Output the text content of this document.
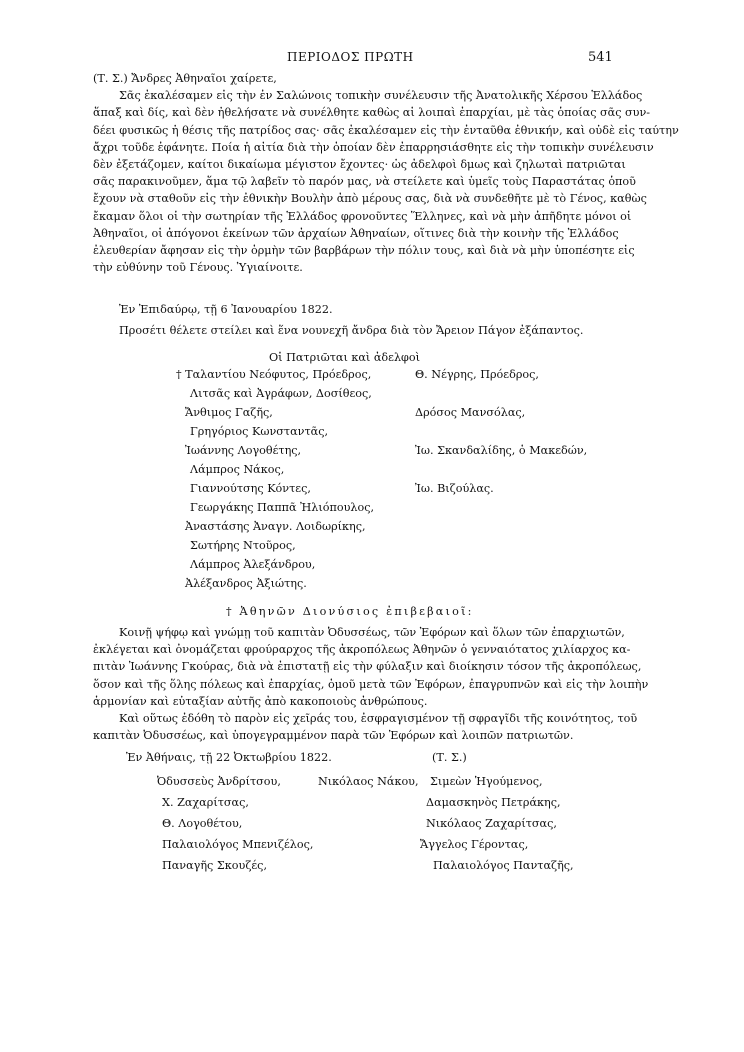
ΠΕΡΙΟΔΟΣ ΠΡΩΤΗ	541
(Τ. Σ.) Ἄνδρες Ἀθηναῖοι χαίρετε,
Σᾶς ἐκαλέσαμεν εἰς τὴν ἐν Σαλώνοις τοπικὴν συνέλευσιν τῆς Ἀνατολικῆς Χέρσου Ἑλλάδος
ἅπαξ καὶ δίς, καὶ δὲν ἠθελήσατε νὰ συνέλθητε καθὼς αἱ λοιπαὶ ἐπαρχίαι, μὲ τὰς ὁποίας σᾶς συν-
δέει φυσικῶς ἡ θέσις τῆς πατρίδος σας· σᾶς ἐκαλέσαμεν εἰς τὴν ἐνταῦθα ἐθνικήν, καὶ οὐδὲ εἰς ταύτην
ἄχρι τοῦδε ἐφάνητε. Ποία ἡ αἰτία διὰ τὴν ὁποίαν δὲν ἐπαρρησιάσθητε εἰς τὴν τοπικὴν συνέλευσιν
δὲν ἐξετάζομεν, καίτοι δικαίωμα μέγιστον ἔχοντες· ὡς ἀδελφοὶ δμως καὶ ζηλωταὶ πατριῶται
σᾶς παρακινοῦμεν, ἅμα τῷ λαβεῖν τὸ παρόν μας, νὰ στείλετε καὶ ὑμεῖς τοὺς Παραστάτας ὁποῦ
ἔχουν νὰ σταθοῦν εἰς τὴν ἐθνικὴν Βουλὴν ἀπὸ μέρους σας, διὰ νὰ συνδεθῆτε μὲ τὸ Γένος, καθὼς
ἔκαμαν ὅλοι οἱ τὴν σωτηρίαν τῆς Ἑλλάδος φρονοῦντες Ἕλληνες, καὶ νὰ μὴν ἀπῆδητε μόνοι οἱ
Ἀθηναῖοι, οἱ ἀπόγονοι ἐκείνων τῶν ἀρχαίων Ἀθηναίων, οἵτινες διὰ τὴν κοινὴν τῆς Ἑλλάδος
ἐλευθερίαν ἄφησαν εἰς τὴν ὁρμὴν τῶν βαρβάρων τὴν πόλιν τους, καὶ διὰ νὰ μὴν ὑποπέσητε εἰς
τὴν εὐθύνην τοῦ Γένους. Ὑγιαίνοιτε.
Ἐν Ἐπιδαύρῳ, τῇ 6 Ἰανουαρίου 1822.
Προσέτι θέλετε στείλει καὶ ἕνα νουνεχῆ ἄνδρα διὰ τὸν Ἄρειον Πάγον ἐξάπαντος.
Οἱ Πατριῶται καὶ ἀδελφοὶ
† Ταλαντίου Νεόφυτος, Πρόεδρος,
Λιτσᾶς καὶ Ἀγράφων, Δοσίθεος,
Ἄνθιμος Γαζῆς,
Γρηγόριος Κωνσταντᾶς,
Ἰωάννης Λογοθέτης,
Λάμπρος Νάκος,
Γιαννούτσης Κόντες,
Γεωργάκης Παππᾶ Ἠλιόπουλος,
Ἀναστάσης Ἀναγν. Λοιδωρίκης,
Σωτήρης Ντοῦρος,
Λάμπρος Ἀλεξάνδρου,
Ἀλέξανδρος Ἀξιώτης.
Θ. Νέγρης, Πρόεδρος,
Δρόσος Μανσόλας,
Ἰω. Σκανδαλίδης, ὁ Μακεδών,
Ἰω. Βιζούλας.
† Ἀθηνῶν Διονύσιος ἐπιβεβαιοῖ:
Κοινῇ ψήφῳ καὶ γνώμῃ τοῦ καπιτὰν Ὀδυσσέως, τῶν Ἐφόρων καὶ ὅλων τῶν ἐπαρχιωτῶν,
ἐκλέγεται καὶ ὀνομάζεται φρούραρχος τῆς ἀκροπόλεως Ἀθηνῶν ὁ γενναιότατος χιλίαρχος κα-
πιτὰν Ἰωάννης Γκούρας, διὰ νὰ ἐπιστατῇ εἰς τὴν φύλαξιν καὶ διοίκησιν τόσον τῆς ἀκροπόλεως,
ὅσον καὶ τῆς ὅλης πόλεως καὶ ἐπαρχίας, ὁμοῦ μετὰ τῶν Ἐφόρων, ἐπαγρυπνῶν καὶ εἰς τὴν λοιπὴν
ἁρμονίαν καὶ εὐταξίαν αὐτῆς ἀπὸ κακοποιοὺς ἀνθρώπους.
Καὶ οὕτως ἐδόθη τὸ παρὸν εἰς χεῖράς του, ἐσφραγισμένον τῇ σφραγῖδι τῆς κοινότητος, τοῦ
καπιτὰν Ὀδυσσέως, καὶ ὑπογεγραμμένον παρὰ τῶν Ἐφόρων καὶ λοιπῶν πατριωτῶν.
Ἐν Ἀθήναις, τῇ 22 Ὀκτωβρίου 1822.	(Τ. Σ.)
Ὀδυσσεὺς Ἀνδρίτσου,
Χ. Ζαχαρίτσας,
Θ. Λογοθέτου,
Παλαιολόγος Μπενιζέλος,
Παναγῆς Σκουζές,
Νικόλαος Νάκου, Σιμεὼν Ἡγούμενος,
Δαμασκηνὸς Πετράκης,
Νικόλαος Ζαχαρίτσας,
Ἄγγελος Γέροντας,
Παλαιολόγος Πανταζῆς,
